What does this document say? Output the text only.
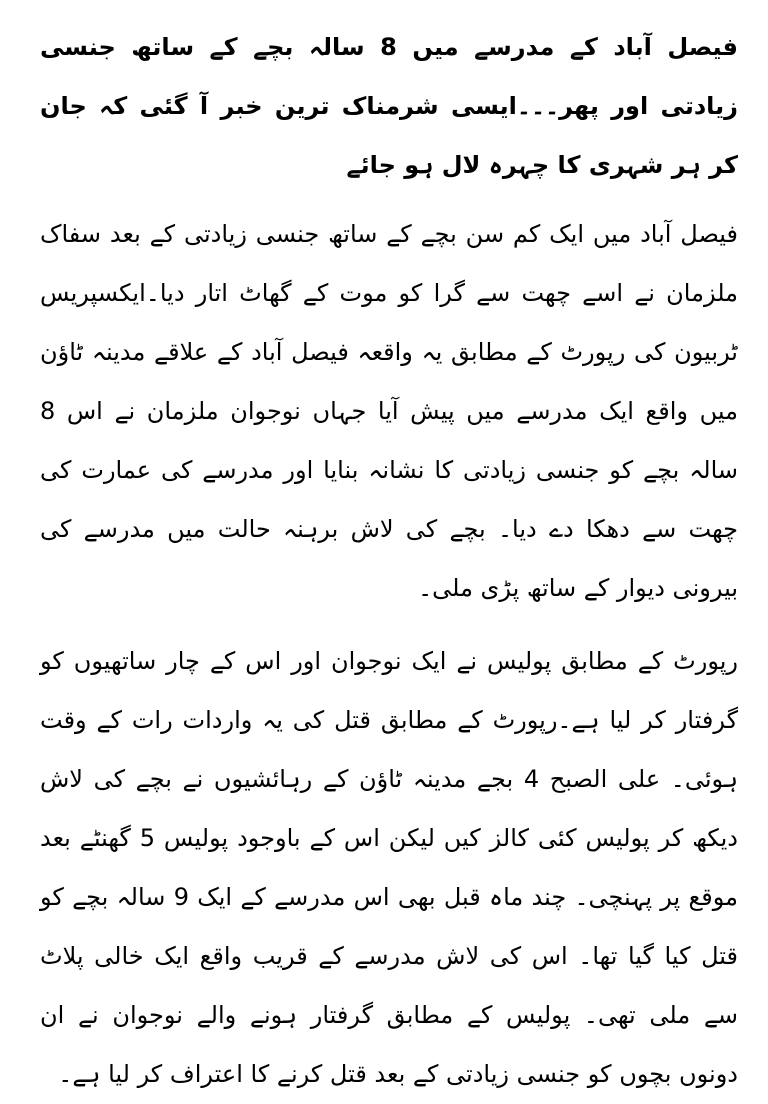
فیصل آباد کے مدرسے میں 8 سالہ بچے کے ساتھ جنسی زیادتی اور پھر۔۔۔ایسی شرمناک ترین خبر آ گئی کہ جان کر ہر شہری کا چہرہ لال ہو جائے

فیصل آباد میں ایک کم سن بچے کے ساتھ جنسی زیادتی کے بعد سفاک ملزمان نے اسے چھت سے گرا کو موت کے گھاٹ اتار دیا۔ایکسپریس ٹربیون کی رپورٹ کے مطابق یہ واقعہ فیصل آباد کے علاقے مدینہ ٹاؤن میں واقع ایک مدرسے میں پیش آیا جہاں نوجوان ملزمان نے اس 8 سالہ بچے کو جنسی زیادتی کا نشانہ بنایا اور مدرسے کی عمارت کی چھت سے دھکا دے دیا۔ بچے کی لاش برہنہ حالت میں مدرسے کی بیرونی دیوار کے ساتھ پڑی ملی۔

رپورٹ کے مطابق پولیس نے ایک نوجوان اور اس کے چار ساتھیوں کو گرفتار کر لیا ہے۔رپورٹ کے مطابق قتل کی یہ واردات رات کے وقت ہوئی۔ علی الصبح 4 بجے مدینہ ٹاؤن کے رہائشیوں نے بچے کی لاش دیکھ کر پولیس کئی کالز کیں لیکن اس کے باوجود پولیس 5 گھنٹے بعد موقع پر پہنچی۔ چند ماہ قبل بھی اس مدرسے کے ایک 9 سالہ بچے کو قتل کیا گیا تھا۔ اس کی لاش مدرسے کے قریب واقع ایک خالی پلاٹ سے ملی تھی۔ پولیس کے مطابق گرفتار ہونے والے نوجوان نے ان دونوں بچوں کو جنسی زیادتی کے بعد قتل کرنے کا اعتراف کر لیا ہے۔
